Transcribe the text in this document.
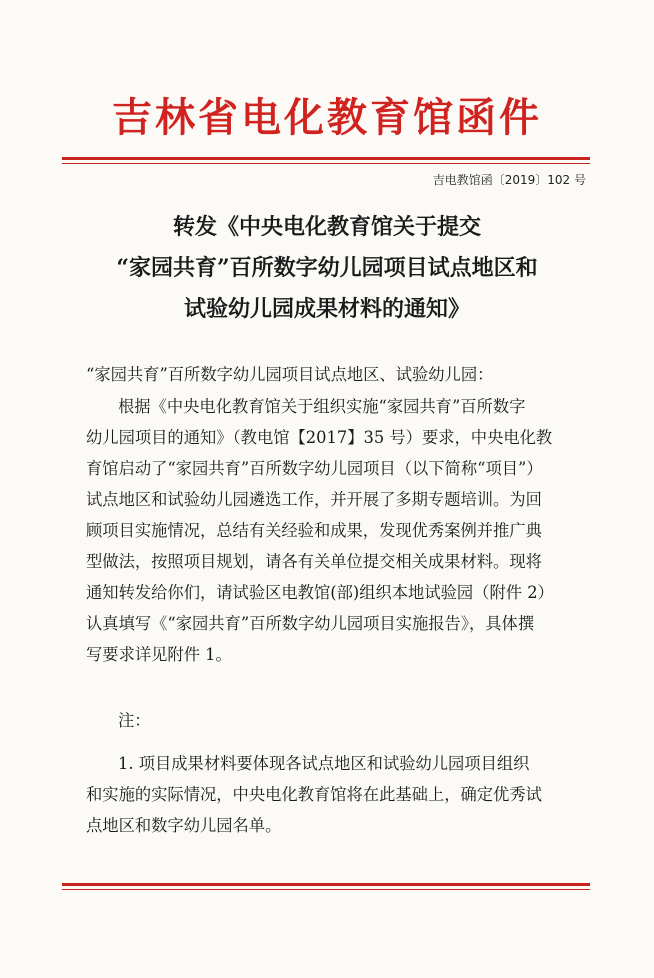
吉林省电化教育馆函件
吉电教馆函〔2019〕102 号
转发《中央电化教育馆关于提交
“家园共育”百所数字幼儿园项目试点地区和
试验幼儿园成果材料的通知》
“家园共育”百所数字幼儿园项目试点地区、试验幼儿园：
根据《中央电化教育馆关于组织实施“家园共育”百所数字
幼儿园项目的通知》（教电馆【2017】35 号）要求，中央电化教
育馆启动了“家园共育”百所数字幼儿园项目（以下简称“项目”）
试点地区和试验幼儿园遴选工作，并开展了多期专题培训。为回
顾项目实施情况，总结有关经验和成果，发现优秀案例并推广典
型做法，按照项目规划，请各有关单位提交相关成果材料。现将
通知转发给你们，请试验区电教馆(部)组织本地试验园（附件 2）
认真填写《“家园共育”百所数字幼儿园项目实施报告》，具体撰
写要求详见附件 1。
注：
1. 项目成果材料要体现各试点地区和试验幼儿园项目组织
和实施的实际情况，中央电化教育馆将在此基础上，确定优秀试
点地区和数字幼儿园名单。
